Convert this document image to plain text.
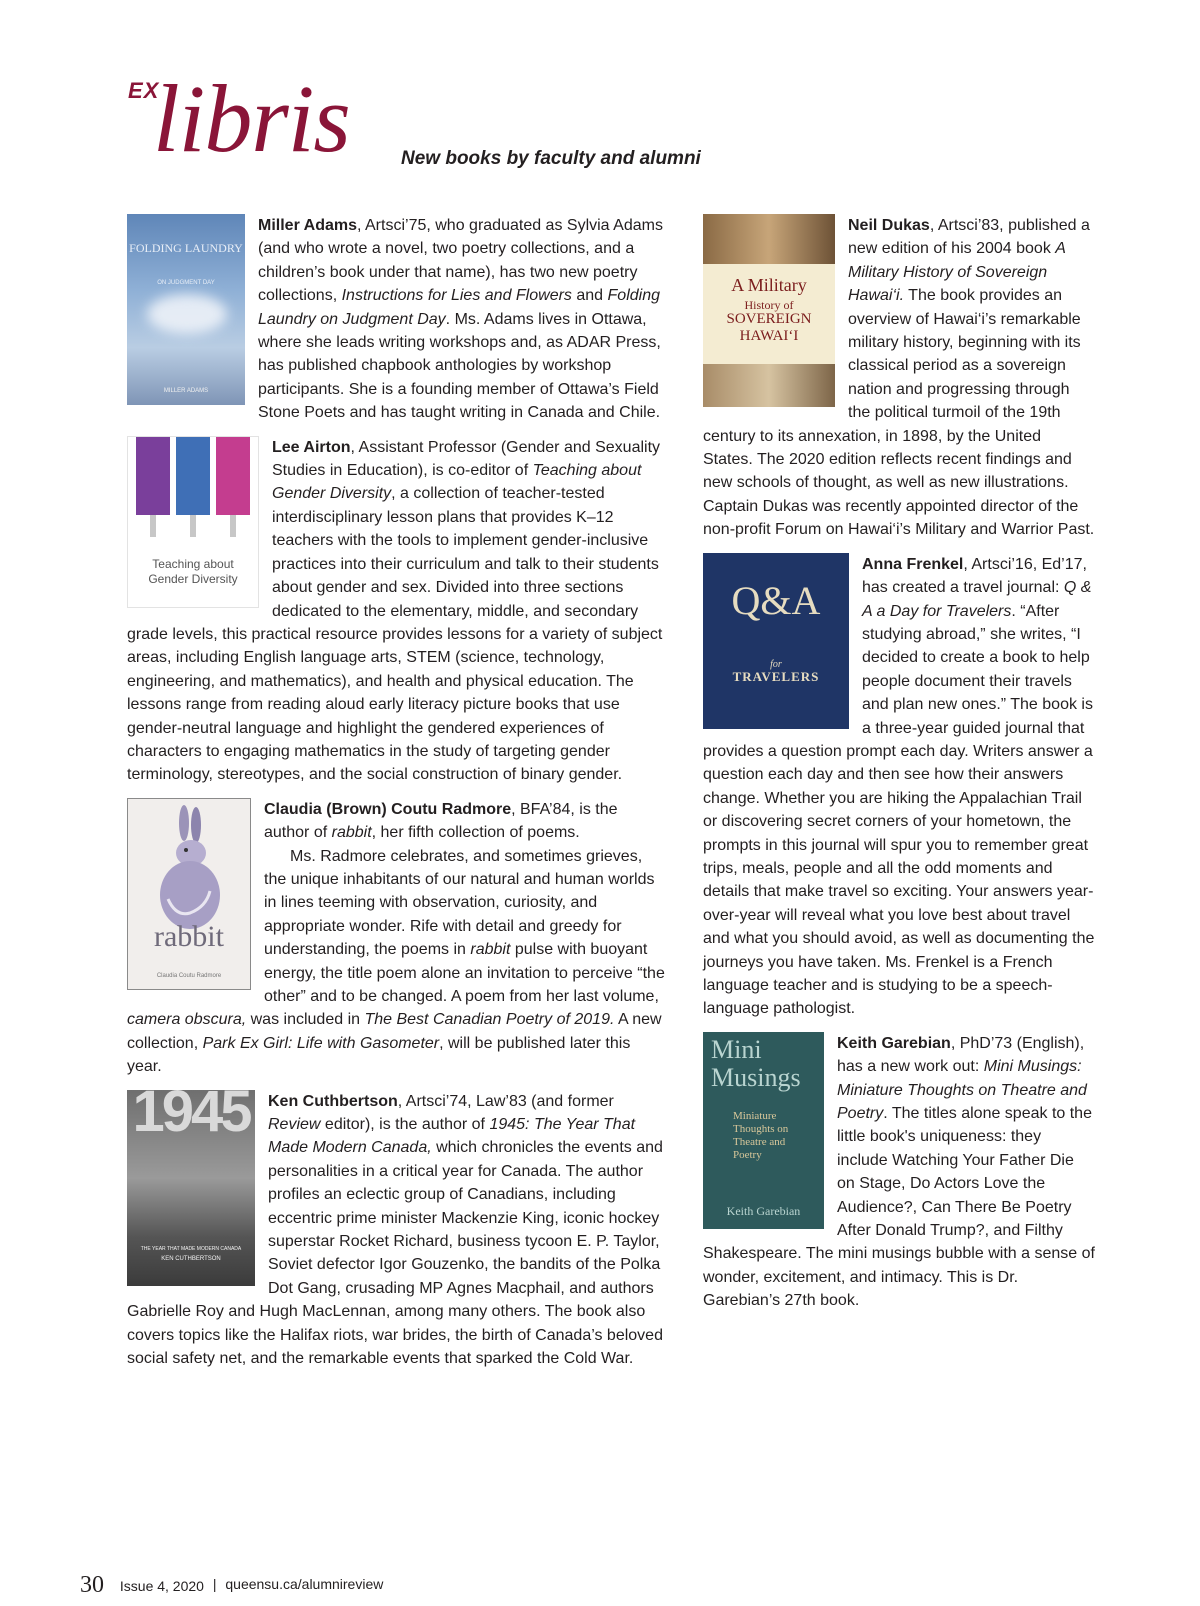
EX
libris	New books by faculty and alumni
FOLDING LAUNDRY
ON JUDGMENT DAY
MILLER ADAMS

Miller Adams, Artsci’75, who graduated as Sylvia Adams (and who wrote a novel, two poetry collections, and a children’s book under that name), has two new poetry collections, Instructions for Lies and Flowers and Folding Laundry on Judgment Day. Ms. Adams lives in Ottawa, where she leads writing workshops and, as ADAR Press, has published chapbook anthologies by workshop participants. She is a founding member of Ottawa’s Field Stone Poets and has taught writing in Canada and Chile.

Teaching about
Gender Diversity

Lee Airton, Assistant Professor (Gender and Sexuality Studies in Education), is co-editor of Teaching about Gender Diversity, a collection of teacher-tested interdisciplinary lesson plans that provides K–12 teachers with the tools to implement gender-inclusive practices into their curriculum and talk to their students about gender and sex. Divided into three sections dedicated to the elementary, middle, and secondary grade levels, this practical resource provides lessons for a variety of subject areas, including English language arts, STEM (science, technology, engineering, and mathematics), and health and physical education. The lessons range from reading aloud early literacy picture books that use gender-neutral language and highlight the gendered experiences of characters to engaging mathematics in the study of targeting gender terminology, stereotypes, and the social construction of binary gender.

rabbit
Claudia Coutu Radmore

Claudia (Brown) Coutu Radmore, BFA’84, is the author of rabbit, her fifth collection of poems.

Ms. Radmore celebrates, and sometimes grieves, the unique inhabitants of our natural and human worlds in lines teeming with observation, curiosity, and appropriate wonder. Rife with detail and greedy for understanding, the poems in rabbit pulse with buoyant energy, the title poem alone an invitation to perceive “the other” and to be changed. A poem from her last volume, camera obscura, was included in The Best Canadian Poetry of 2019. A new collection, Park Ex Girl: Life with Gasometer, will be published later this year.

1945
THE YEAR THAT MADE MODERN CANADA
KEN CUTHBERTSON

Ken Cuthbertson, Artsci’74, Law’83 (and former Review editor), is the author of 1945: The Year That Made Modern Canada, which chronicles the events and personalities in a critical year for Canada. The author profiles an eclectic group of Canadians, including eccentric prime minister Mackenzie King, iconic hockey superstar Rocket Richard, business tycoon E. P. Taylor, Soviet defector Igor Gouzenko, the bandits of the Polka Dot Gang, crusading MP Agnes Macphail, and authors Gabrielle Roy and Hugh MacLennan, among many others. The book also covers topics like the Halifax riots, war brides, the birth of Canada’s beloved social safety net, and the remarkable events that sparked the Cold War.

A Military
History of
SOVEREIGN
HAWAI‘I

Neil Dukas, Artsci’83, published a new edition of his 2004 book A Military History of Sovereign Hawai‘i. The book provides an overview of Hawai‘i’s remarkable military history, beginning with its classical period as a sovereign nation and progressing through the political turmoil of the 19th century to its annexation, in 1898, by the United States. The 2020 edition reflects recent findings and new schools of thought, as well as new illustrations. Captain Dukas was recently appointed director of the non-profit Forum on Hawai‘i’s Military and Warrior Past.

Q&A
for
TRAVELERS

Anna Frenkel, Artsci’16, Ed’17, has created a travel journal: Q & A a Day for Travelers. “After studying abroad,” she writes, “I decided to create a book to help people document their travels and plan new ones.” The book is a three-year guided journal that provides a question prompt each day. Writers answer a question each day and then see how their answers change. Whether you are hiking the Appalachian Trail or discovering secret corners of your hometown, the prompts in this journal will spur you to remember great trips, meals, people and all the odd moments and details that make travel so exciting. Your answers year-over-year will reveal what you love best about travel and what you should avoid, as well as documenting the journeys you have taken. Ms. Frenkel is a French language teacher and is studying to be a speech-language pathologist.

Mini
Musings
Miniature Thoughts on Theatre and Poetry
Keith Garebian

Keith Garebian, PhD’73 (English), has a new work out: Mini Musings: Miniature Thoughts on Theatre and Poetry. The titles alone speak to the little book's uniqueness: they include Watching Your Father Die on Stage, Do Actors Love the Audience?, Can There Be Poetry After Donald Trump?, and Filthy Shakespeare. The mini musings bubble with a sense of wonder, excitement, and intimacy. This is Dr. Garebian’s 27th book.

30 Issue 4, 2020 | queensu.ca/alumnireview
